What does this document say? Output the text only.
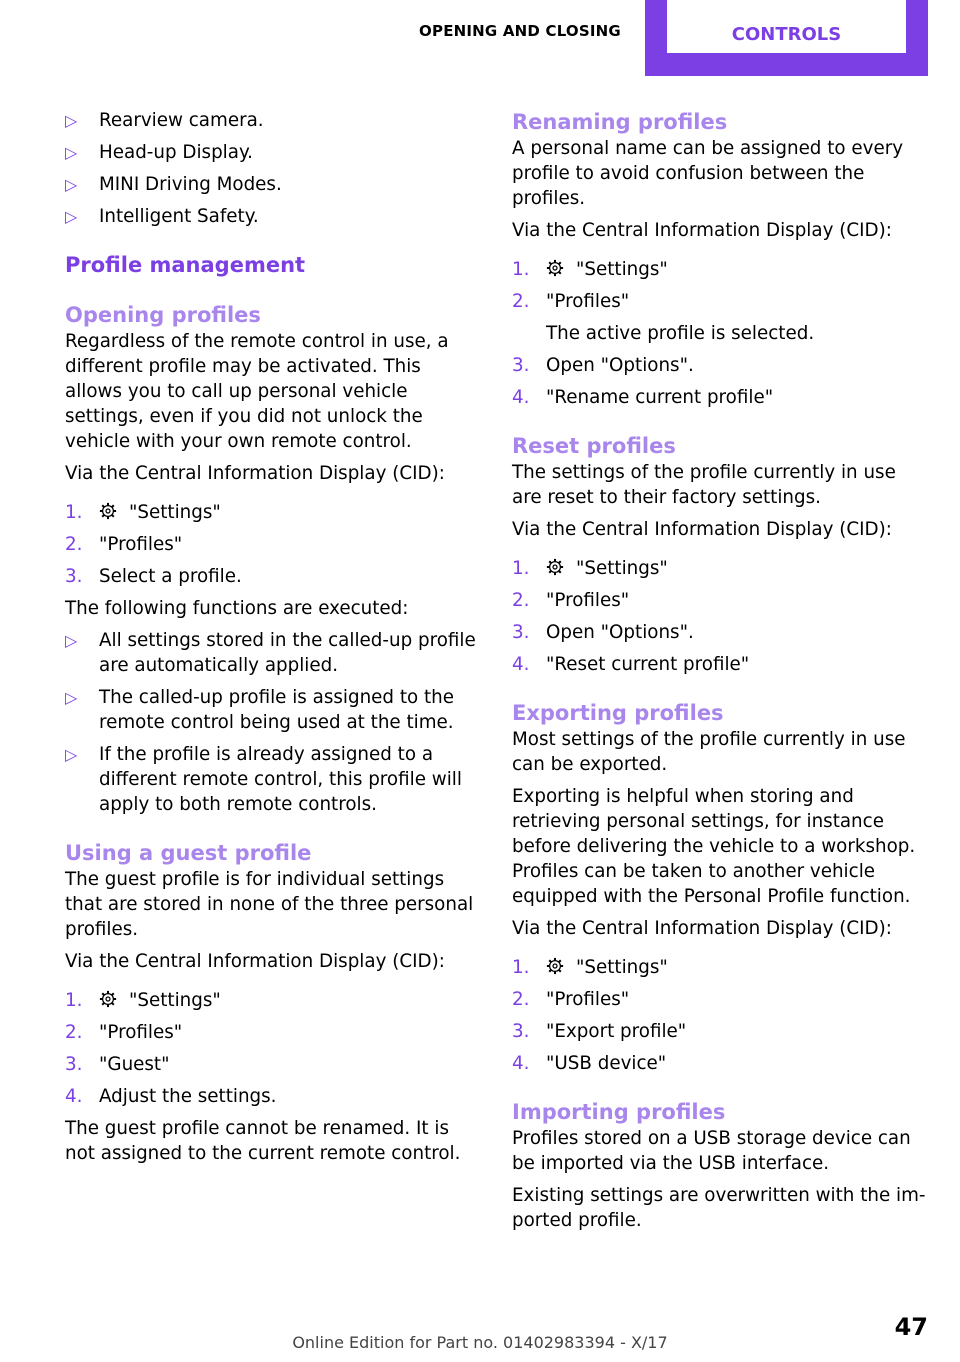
OPENING AND CLOSING	CONTROLS
▷ Rearview camera.
▷ Head-up Display.
▷ MINI Driving Modes.
▷ Intelligent Safety.
Profile management
Opening profiles

Regardless of the remote control in use, a different profile may be activated. This allows you to call up personal vehicle settings, even if you did not unlock the vehicle with your own remote control.

Via the Central Information Display (CID):

1.	"Settings"
2. "Profiles"
3. Select a profile.

The following functions are executed:

▷ All settings stored in the called-up profile are automatically applied.
▷ The called-up profile is assigned to the remote control being used at the time.
▷ If the profile is already assigned to a different remote control, this profile will apply to both remote controls.
Using a guest profile

The guest profile is for individual settings that are stored in none of the three personal profiles.

Via the Central Information Display (CID):

1.	"Settings"
2. "Profiles"
3. "Guest"
4. Adjust the settings.

The guest profile cannot be renamed. It is not assigned to the current remote control.

Renaming profiles

A personal name can be assigned to every profile to avoid confusion between the profiles.

Via the Central Information Display (CID):

1.	"Settings"
2. "Profiles"
The active profile is selected.
3. Open "Options".
4. "Rename current profile"
Reset profiles

The settings of the profile currently in use are reset to their factory settings.

Via the Central Information Display (CID):

1.	"Settings"
2. "Profiles"
3. Open "Options".
4. "Reset current profile"
Exporting profiles

Most settings of the profile currently in use can be exported.

Exporting is helpful when storing and retrieving personal settings, for instance before delivering the vehicle to a workshop. Profiles can be taken to another vehicle equipped with the Personal Profile function.

Via the Central Information Display (CID):

1.	"Settings"
2. "Profiles"
3. "Export profile"
4. "USB device"
Importing profiles

Profiles stored on a USB storage device can be imported via the USB interface.

Existing settings are overwritten with the imported profile.

Online Edition for Part no. 01402983394 - X/17
47
